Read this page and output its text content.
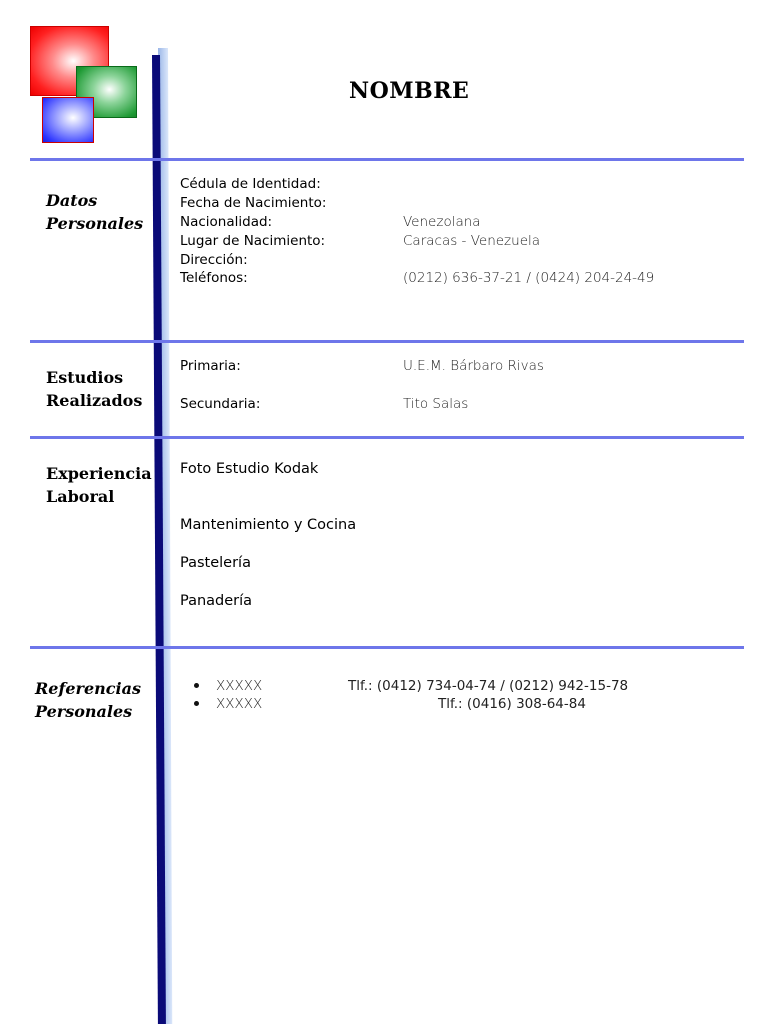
NOMBRE
Datos
Personales
Cédula de Identidad:
Fecha de Nacimiento:
Nacionalidad:	Venezolana
Lugar de Nacimiento:	Caracas - Venezuela
Dirección:
Teléfonos:	(0212) 636-37-21 / (0424) 204-24-49
Estudios
Realizados
Primaria:	U.E.M. Bárbaro Rivas
Secundaria:	Tito Salas
Experiencia
Laboral
Foto Estudio Kodak
Mantenimiento y Cocina
Pastelería
Panadería
Referencias
Personales
XXXXX	Tlf.: (0412) 734-04-74 / (0212) 942-15-78
XXXXX	Tlf.: (0416) 308-64-84
